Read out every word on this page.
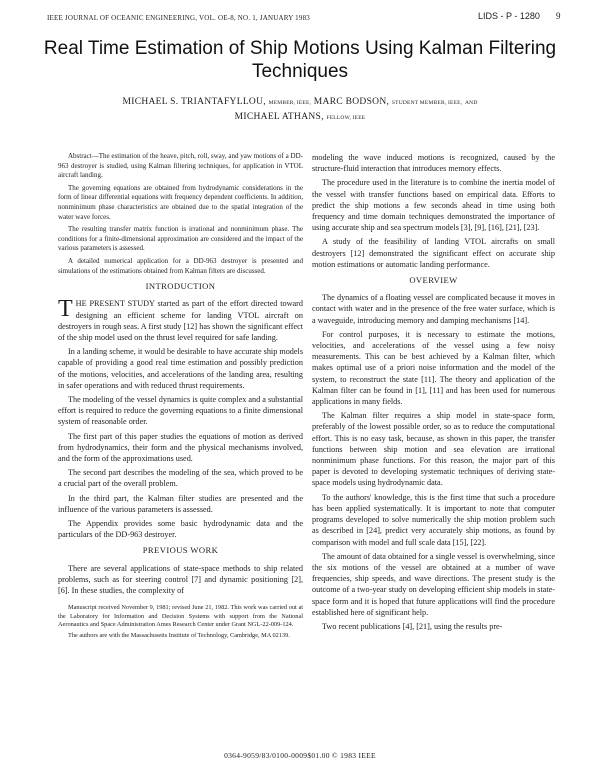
IEEE JOURNAL OF OCEANIC ENGINEERING, VOL. OE-8, NO. 1, JANUARY 1983	LIDS - P - 1280 9
Real Time Estimation of Ship Motions Using Kalman Filtering Techniques
MICHAEL S. TRIANTAFYLLOU, MEMBER, IEEE, MARC BODSON, STUDENT MEMBER, IEEE, AND
MICHAEL ATHANS, FELLOW, IEEE

Abstract—The estimation of the heave, pitch, roll, sway, and yaw motions of a DD-963 destroyer is studied, using Kalman filtering techniques, for application in VTOL aircraft landing.

The governing equations are obtained from hydrodynamic considerations in the form of linear differential equations with frequency dependent coefficients. In addition, nonminimum phase characteristics are obtained due to the spatial integration of the water wave forces.

The resulting transfer matrix function is irrational and nonminimum phase. The conditions for a finite-dimensional approximation are considered and the impact of the various parameters is assessed.

A detailed numerical application for a DD-963 destroyer is presented and simulations of the estimations obtained from Kalman filters are discussed.

INTRODUCTION

THE PRESENT STUDY started as part of the effort directed toward designing an efficient scheme for landing VTOL aircraft on destroyers in rough seas. A first study [12] has shown the significant effect of the ship model used on the thrust level required for safe landing.

In a landing scheme, it would be desirable to have accurate ship models capable of providing a good real time estimation and possibly prediction of the motions, velocities, and accelerations of the landing area, resulting in safer operations and with reduced thrust requirements.

The modeling of the vessel dynamics is quite complex and a substantial effort is required to reduce the governing equations to a finite dimensional system of reasonable order.

The first part of this paper studies the equations of motion as derived from hydrodynamics, their form and the physical mechanisms involved, and the form of the approximations used.

The second part describes the modeling of the sea, which proved to be a crucial part of the overall problem.

In the third part, the Kalman filter studies are presented and the influence of the various parameters is assessed.

The Appendix provides some basic hydrodynamic data and the particulars of the DD-963 destroyer.

PREVIOUS WORK

There are several applications of state-space methods to ship related problems, such as for steering control [7] and dynamic positioning [2], [6]. In these studies, the complexity of

Manuscript received November 9, 1981; revised June 21, 1982. This work was carried out at the Laboratory for Information and Decision Systems with support from the National Aeronautics and Space Administration Ames Research Center under Grant NGL-22-009-124.

The authors are with the Massachusetts Institute of Technology, Cambridge, MA 02139.

modeling the wave induced motions is recognized, caused by the structure-fluid interaction that introduces memory effects.

The procedure used in the literature is to combine the inertia model of the vessel with transfer functions based on empirical data. Efforts to predict the ship motions a few seconds ahead in time using both frequency and time domain techniques demonstrated the importance of using accurate ship and sea spectrum models [3], [9], [16], [21], [23].

A study of the feasibility of landing VTOL aircrafts on small destroyers [12] demonstrated the significant effect on accurate ship motion estimations or automatic landing performance.

OVERVIEW

The dynamics of a floating vessel are complicated because it moves in contact with water and in the presence of the free water surface, which is a waveguide, introducing memory and damping mechanisms [14].

For control purposes, it is necessary to estimate the motions, velocities, and accelerations of the vessel using a few noisy measurements. This can be best achieved by a Kalman filter, which makes optimal use of a priori noise information and the model of the system, to reconstruct the state [11]. The theory and application of the Kalman filter can be found in [1], [11] and has been used for numerous applications in many fields.

The Kalman filter requires a ship model in state-space form, preferably of the lowest possible order, so as to reduce the computational effort. This is no easy task, because, as shown in this paper, the transfer functions between ship motion and sea elevation are irrational nonminimum phase functions. For this reason, the major part of this paper is devoted to developing systematic techniques of deriving state-space models using hydrodynamic data.

To the authors' knowledge, this is the first time that such a procedure has been applied systematically. It is important to note that computer programs developed to solve numerically the ship motion problem such as described in [24], predict very accurately ship motions, as found by comparison with model and full scale data [15], [22].

The amount of data obtained for a single vessel is overwhelming, since the six motions of the vessel are obtained at a number of wave frequencies, ship speeds, and wave directions. The present study is the outcome of a two-year study on developing efficient ship models in state-space form and it is hoped that future applications will find the procedure established here of significant help.

Two recent publications [4], [21], using the results pre-

0364-9059/83/0100-0009$01.00 © 1983 IEEE
